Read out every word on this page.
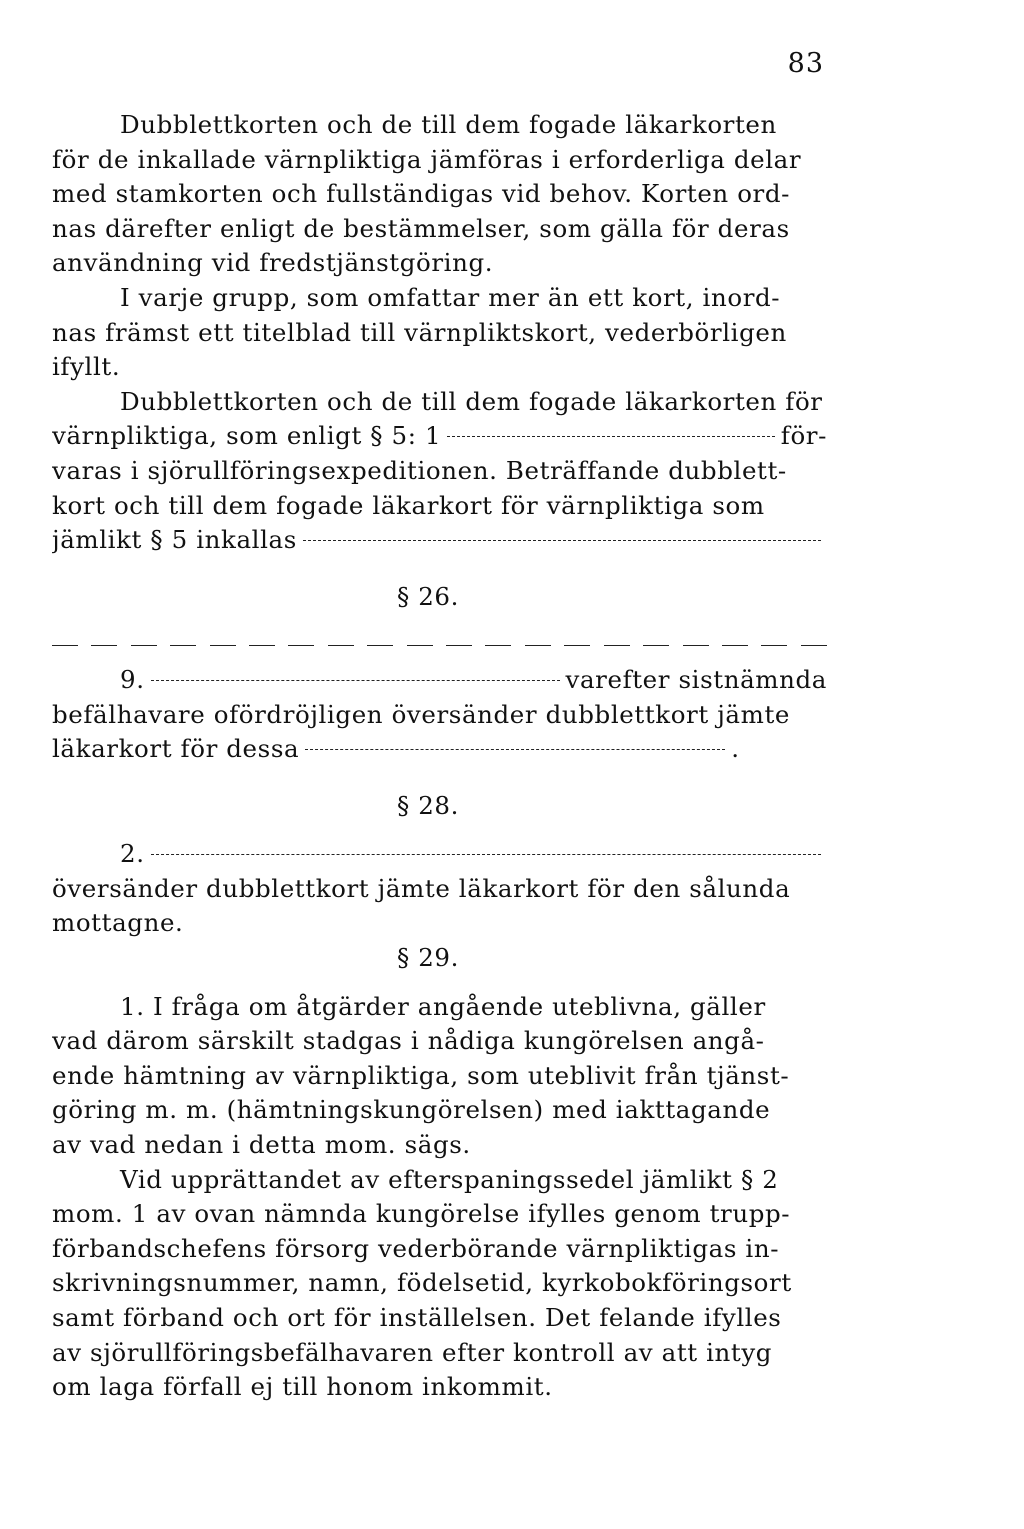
83
Dubblettkorten och de till dem fogade läkarkorten
för de inkallade värnpliktiga jämföras i erforderliga delar
med stamkorten och fullständigas vid behov. Korten ord-
nas därefter enligt de bestämmelser, som gälla för deras
användning vid fredstjänstgöring.
I varje grupp, som omfattar mer än ett kort, inord-
nas främst ett titelblad till värnpliktskort, vederbörligen
ifyllt.
Dubblettkorten och de till dem fogade läkarkorten för
värnpliktiga, som enligt § 5: 1	för-
varas i sjörullföringsexpeditionen. Beträffande dubblett-
kort och till dem fogade läkarkort för värnpliktiga som
jämlikt § 5 inkallas
§ 26.
9.	varefter sistnämnda
befälhavare ofördröjligen översänder dubblettkort jämte
läkarkort för dessa	.
§ 28.
2.
översänder dubblettkort jämte läkarkort för den sålunda
mottagne.
§ 29.
1. I fråga om åtgärder angående uteblivna, gäller
vad därom särskilt stadgas i nådiga kungörelsen angå-
ende hämtning av värnpliktiga, som uteblivit från tjänst-
göring m. m. (hämtningskungörelsen) med iakttagande
av vad nedan i detta mom. sägs.
Vid upprättandet av efterspaningssedel jämlikt § 2
mom. 1 av ovan nämnda kungörelse ifylles genom trupp-
förbandschefens försorg vederbörande värnpliktigas in-
skrivningsnummer, namn, födelsetid, kyrkobokföringsort
samt förband och ort för inställelsen. Det felande ifylles
av sjörullföringsbefälhavaren efter kontroll av att intyg
om laga förfall ej till honom inkommit.
